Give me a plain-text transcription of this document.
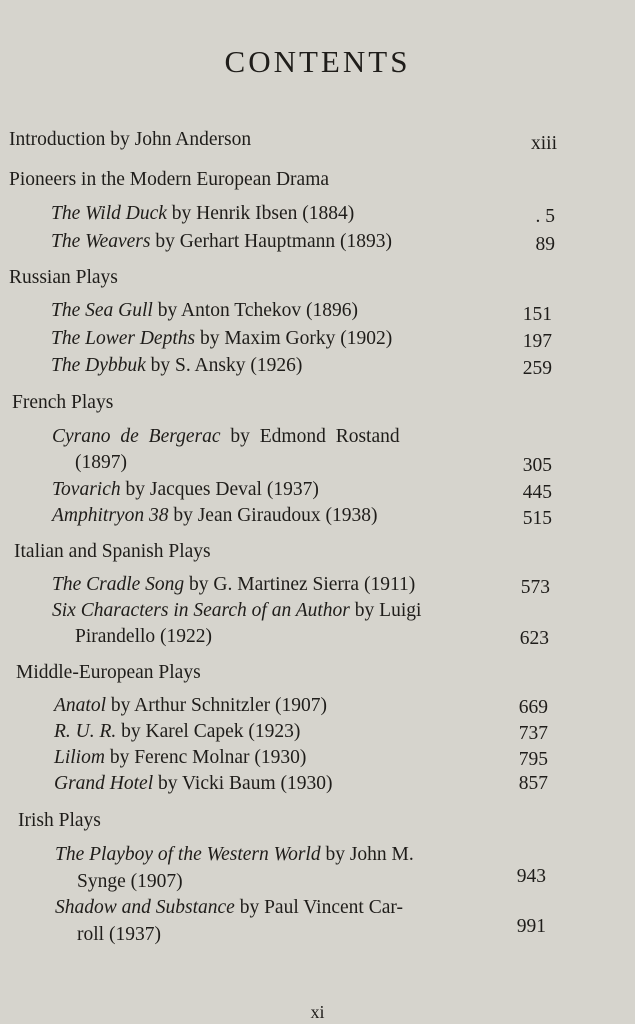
CONTENTS
Introduction by John Anderson	xiii
Pioneers in the Modern European Drama
The Wild Duck by Henrik Ibsen (1884)	. 5
The Weavers by Gerhart Hauptmann (1893)	89
Russian Plays
The Sea Gull by Anton Tchekov (1896)	151
The Lower Depths by Maxim Gorky (1902)	197
The Dybbuk by S. Ansky (1926)	259
French Plays
Cyrano de Bergerac by Edmond Rostand
(1897)	305
Tovarich by Jacques Deval (1937)	445
Amphitryon 38 by Jean Giraudoux (1938)	515
Italian and Spanish Plays
The Cradle Song by G. Martinez Sierra (1911)	573
Six Characters in Search of an Author by Luigi
Pirandello (1922)	623
Middle-European Plays
Anatol by Arthur Schnitzler (1907)	669
R. U. R. by Karel Capek (1923)	737
Liliom by Ferenc Molnar (1930)	795
Grand Hotel by Vicki Baum (1930)	857
Irish Plays
The Playboy of the Western World by John M.
Synge (1907)	943
Shadow and Substance by Paul Vincent Car-
roll (1937)	991
xi
